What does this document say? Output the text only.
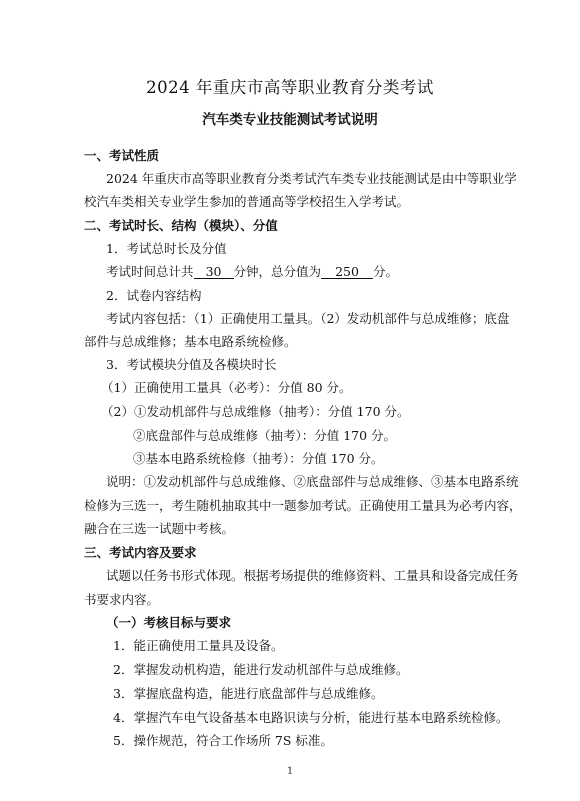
2024 年重庆市高等职业教育分类考试
汽车类专业技能测试考试说明
一、考试性质
2024 年重庆市高等职业教育分类考试汽车类专业技能测试是由中等职业学
校汽车类相关专业学生参加的普通高等学校招生入学考试。
二、考试时长、结构（模块）、分值
1．考试总时长及分值
考试时间总计共 30 分钟，总分值为 250 分。
2．试卷内容结构
考试内容包括：（1）正确使用工量具。（2）发动机部件与总成维修；底盘
部件与总成维修；基本电路系统检修。
3．考试模块分值及各模块时长
（1）正确使用工量具（必考）：分值 80 分。
（2）①发动机部件与总成维修（抽考）：分值 170 分。
②底盘部件与总成维修（抽考）：分值 170 分。
③基本电路系统检修（抽考）：分值 170 分。
说明：①发动机部件与总成维修、②底盘部件与总成维修、③基本电路系统
检修为三选一，考生随机抽取其中一题参加考试。正确使用工量具为必考内容，
融合在三选一试题中考核。
三、考试内容及要求
试题以任务书形式体现。根据考场提供的维修资料、工量具和设备完成任务
书要求内容。
（一）考核目标与要求
1．能正确使用工量具及设备。
2．掌握发动机构造，能进行发动机部件与总成维修。
3．掌握底盘构造，能进行底盘部件与总成维修。
4．掌握汽车电气设备基本电路识读与分析，能进行基本电路系统检修。
5．操作规范，符合工作场所 7S 标准。
1
